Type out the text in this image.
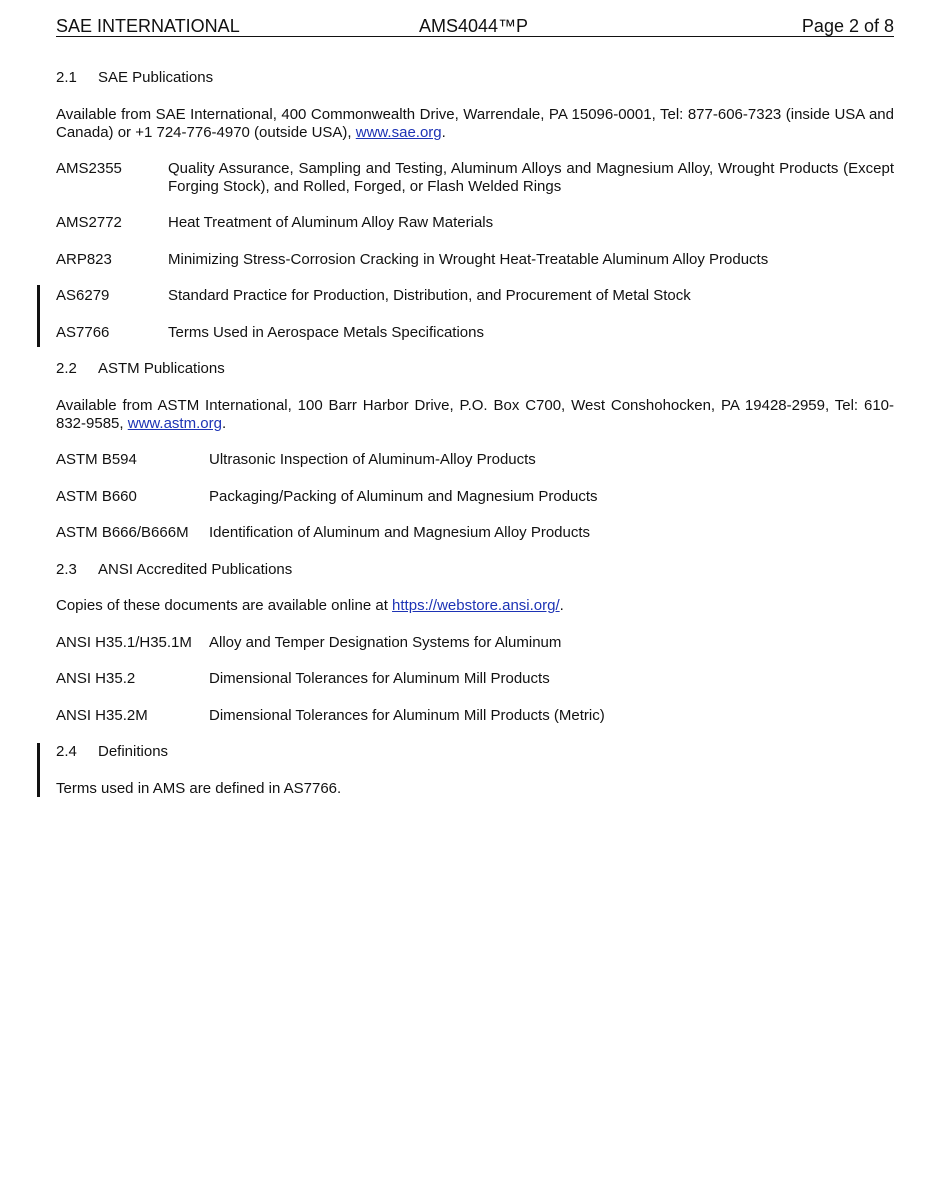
SAE INTERNATIONAL	AMS4044™P	Page 2 of 8
2.1 SAE Publications
Available from SAE International, 400 Commonwealth Drive, Warrendale, PA 15096-0001, Tel: 877-606-7323 (inside USA and Canada) or +1 724-776-4970 (outside USA), www.sae.org.
AMS2355	Quality Assurance, Sampling and Testing, Aluminum Alloys and Magnesium Alloy, Wrought Products (Except Forging Stock), and Rolled, Forged, or Flash Welded Rings
AMS2772	Heat Treatment of Aluminum Alloy Raw Materials
ARP823	Minimizing Stress-Corrosion Cracking in Wrought Heat-Treatable Aluminum Alloy Products
AS6279	Standard Practice for Production, Distribution, and Procurement of Metal Stock
AS7766	Terms Used in Aerospace Metals Specifications
2.2 ASTM Publications
Available from ASTM International, 100 Barr Harbor Drive, P.O. Box C700, West Conshohocken, PA 19428-2959, Tel: 610-832-9585, www.astm.org.
ASTM B594	Ultrasonic Inspection of Aluminum-Alloy Products
ASTM B660	Packaging/Packing of Aluminum and Magnesium Products
ASTM B666/B666M Identification of Aluminum and Magnesium Alloy Products
2.3 ANSI Accredited Publications
Copies of these documents are available online at https://webstore.ansi.org/.
ANSI H35.1/H35.1M Alloy and Temper Designation Systems for Aluminum
ANSI H35.2	Dimensional Tolerances for Aluminum Mill Products
ANSI H35.2M	Dimensional Tolerances for Aluminum Mill Products (Metric)
2.4 Definitions
Terms used in AMS are defined in AS7766.
